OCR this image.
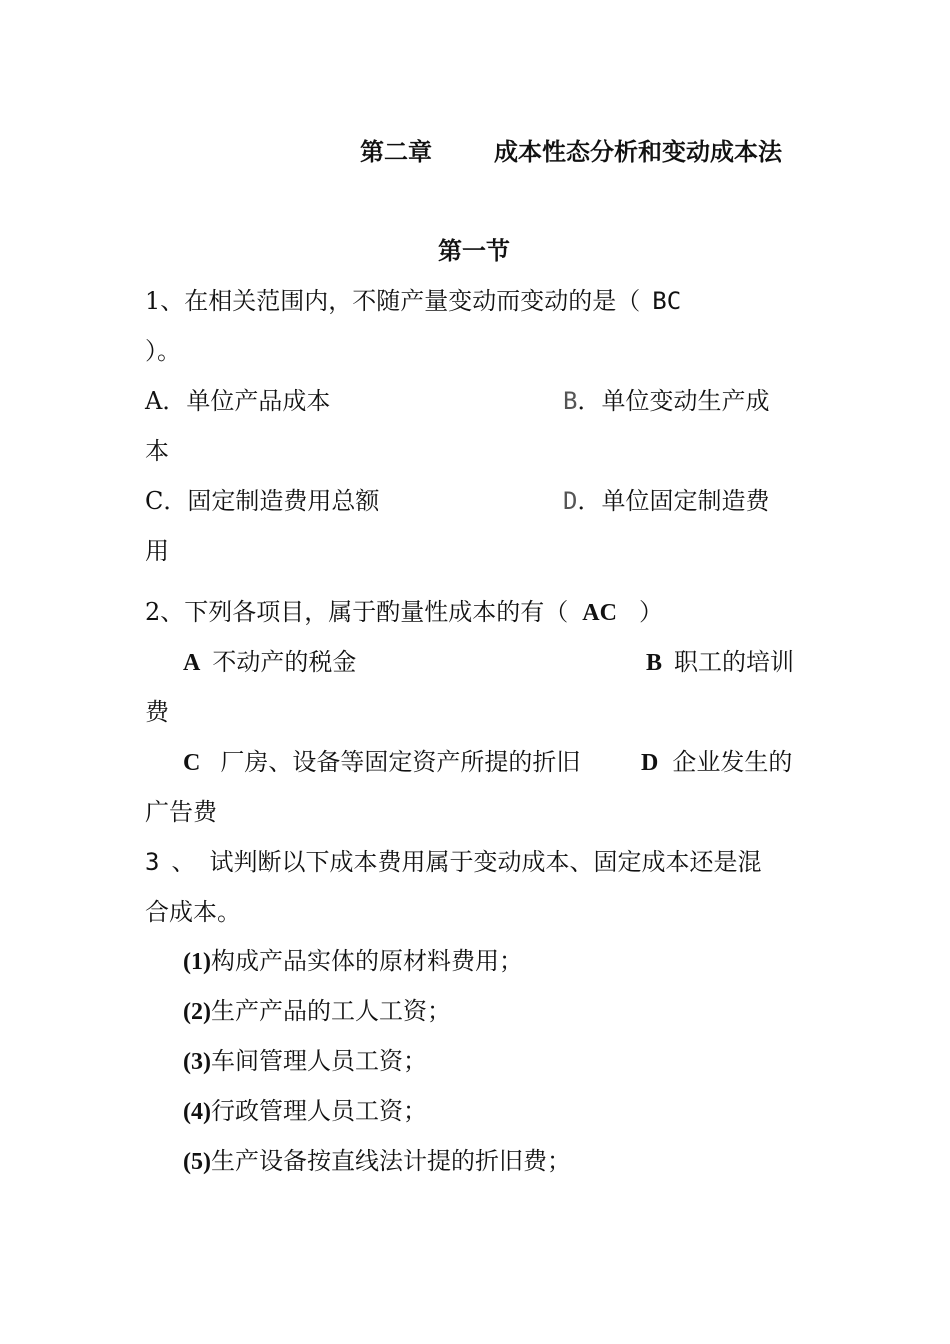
第二章	成本性态分析和变动成本法
第一节
1、在相关范围内，不随产量变动而变动的是（ BC
）。
A．单位产品成本	B．单位变动生产成
本
C．固定制造费用总额	D．单位固定制造费
用
2、下列各项目，属于酌量性成本的有（ AC ）
A 不动产的税金	B 职工的培训
费
C 厂房、设备等固定资产所提的折旧	D 企业发生的
广告费
3 、 试判断以下成本费用属于变动成本、固定成本还是混
合成本。
(1)构成产品实体的原材料费用；
(2)生产产品的工人工资；
(3)车间管理人员工资；
(4)行政管理人员工资；
(5)生产设备按直线法计提的折旧费；
